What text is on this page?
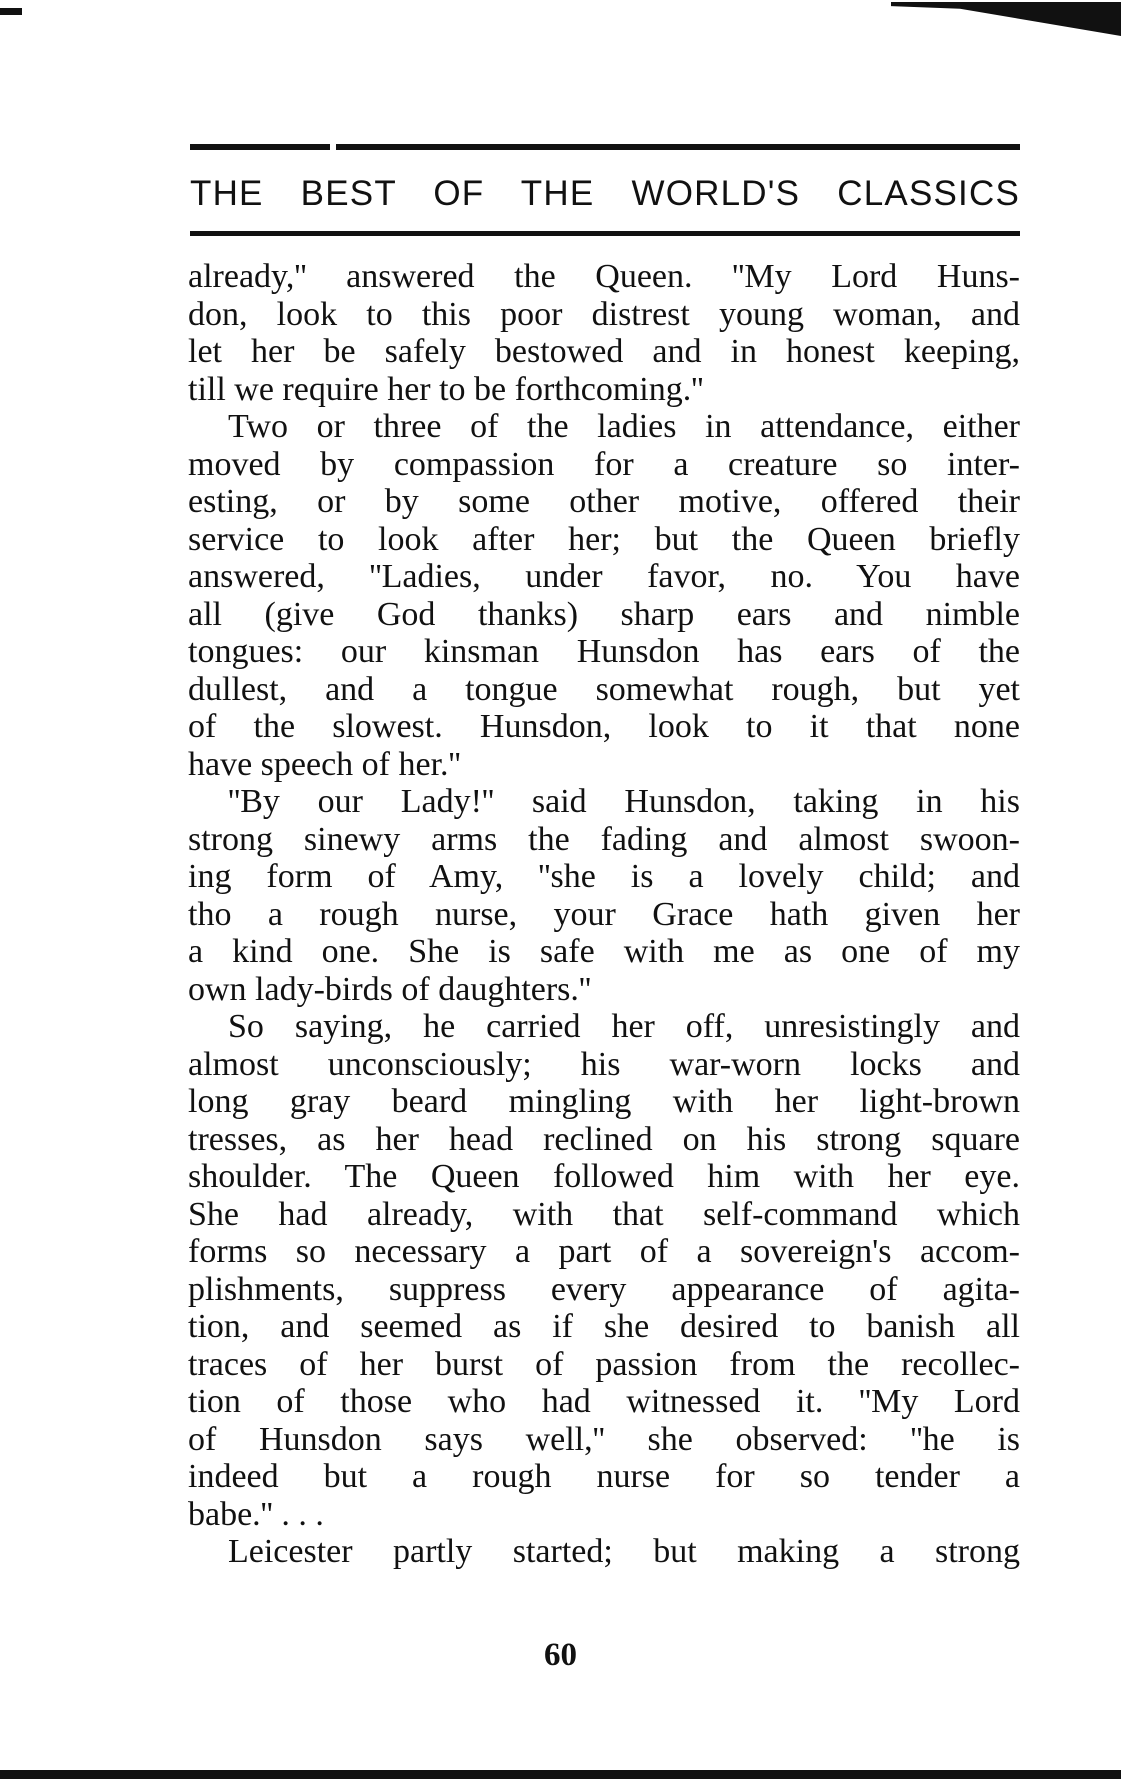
THE BEST OF THE WORLD'S CLASSICS
already,'' answered the Queen. ''My Lord Huns-
don, look to this poor distrest young woman, and
let her be safely bestowed and in honest keeping,
till we require her to be forthcoming.''
Two or three of the ladies in attendance, either
moved by compassion for a creature so inter-
esting, or by some other motive, offered their
service to look after her; but the Queen briefly
answered, ''Ladies, under favor, no. You have
all (give God thanks) sharp ears and nimble
tongues: our kinsman Hunsdon has ears of the
dullest, and a tongue somewhat rough, but yet
of the slowest. Hunsdon, look to it that none
have speech of her.''
''By our Lady!'' said Hunsdon, taking in his
strong sinewy arms the fading and almost swoon-
ing form of Amy, ''she is a lovely child; and
tho a rough nurse, your Grace hath given her
a kind one. She is safe with me as one of my
own lady-birds of daughters.''
So saying, he carried her off, unresistingly and
almost unconsciously; his war-worn locks and
long gray beard mingling with her light-brown
tresses, as her head reclined on his strong square
shoulder. The Queen followed him with her eye.
She had already, with that self-command which
forms so necessary a part of a sovereign's accom-
plishments, suppress every appearance of agita-
tion, and seemed as if she desired to banish all
traces of her burst of passion from the recollec-
tion of those who had witnessed it. ''My Lord
of Hunsdon says well,'' she observed: ''he is
indeed but a rough nurse for so tender a
babe.'' . . .
Leicester partly started; but making a strong
60
